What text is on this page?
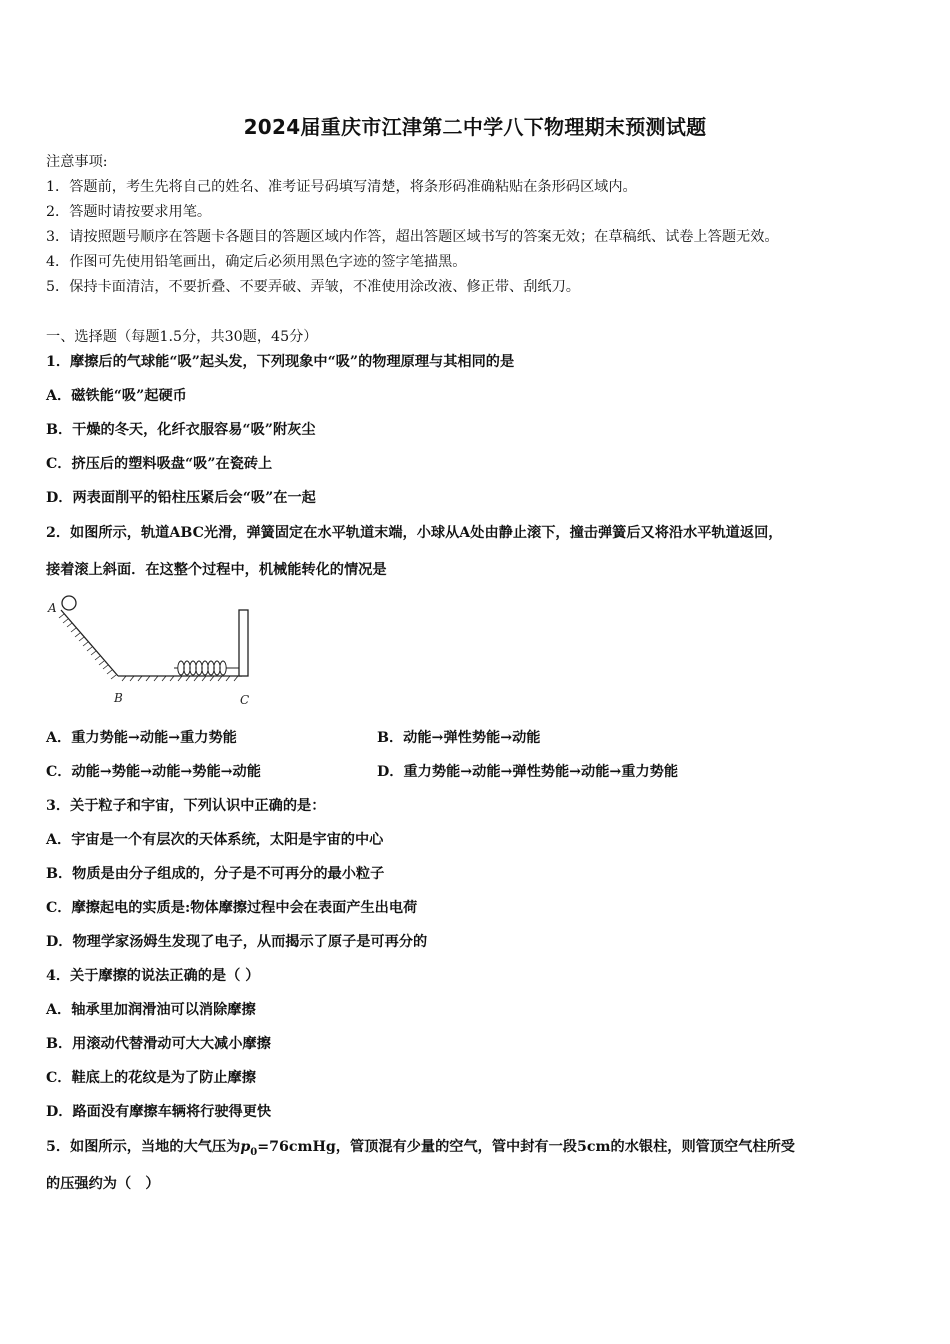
2024届重庆市江津第二中学八下物理期末预测试题
注意事项:
1．答题前，考生先将自己的姓名、准考证号码填写清楚，将条形码准确粘贴在条形码区域内。
2．答题时请按要求用笔。
3．请按照题号顺序在答题卡各题目的答题区域内作答，超出答题区域书写的答案无效；在草稿纸、试卷上答题无效。
4．作图可先使用铅笔画出，确定后必须用黑色字迹的签字笔描黑。
5．保持卡面清洁，不要折叠、不要弄破、弄皱，不准使用涂改液、修正带、刮纸刀。
一、选择题（每题1.5分，共30题，45分）
1．摩擦后的气球能“吸”起头发，下列现象中“吸”的物理原理与其相同的是
A．磁铁能“吸”起硬币
B．干燥的冬天，化纤衣服容易“吸”附灰尘
C．挤压后的塑料吸盘“吸”在瓷砖上
D．两表面削平的铅柱压紧后会“吸”在一起
2．如图所示，轨道ABC光滑，弹簧固定在水平轨道末端，小球从A处由静止滚下，撞击弹簧后又将沿水平轨道返回，
接着滚上斜面．在这整个过程中，机械能转化的情况是
A
B	C
A．重力势能→动能→重力势能	B．动能→弹性势能→动能
C．动能→势能→动能→势能→动能	D．重力势能→动能→弹性势能→动能→重力势能
3．关于粒子和宇宙，下列认识中正确的是：
A．宇宙是一个有层次的天体系统，太阳是宇宙的中心
B．物质是由分子组成的，分子是不可再分的最小粒子
C．摩擦起电的实质是:物体摩擦过程中会在表面产生出电荷
D．物理学家汤姆生发现了电子，从而揭示了原子是可再分的
4．关于摩擦的说法正确的是（ ）
A．轴承里加润滑油可以消除摩擦
B．用滚动代替滑动可大大减小摩擦
C．鞋底上的花纹是为了防止摩擦
D．路面没有摩擦车辆将行驶得更快
5．如图所示，当地的大气压为$p_0=76cmHg$，管顶混有少量的空气，管中封有一段5cm的水银柱，则管顶空气柱所受
的压强约为（　）
